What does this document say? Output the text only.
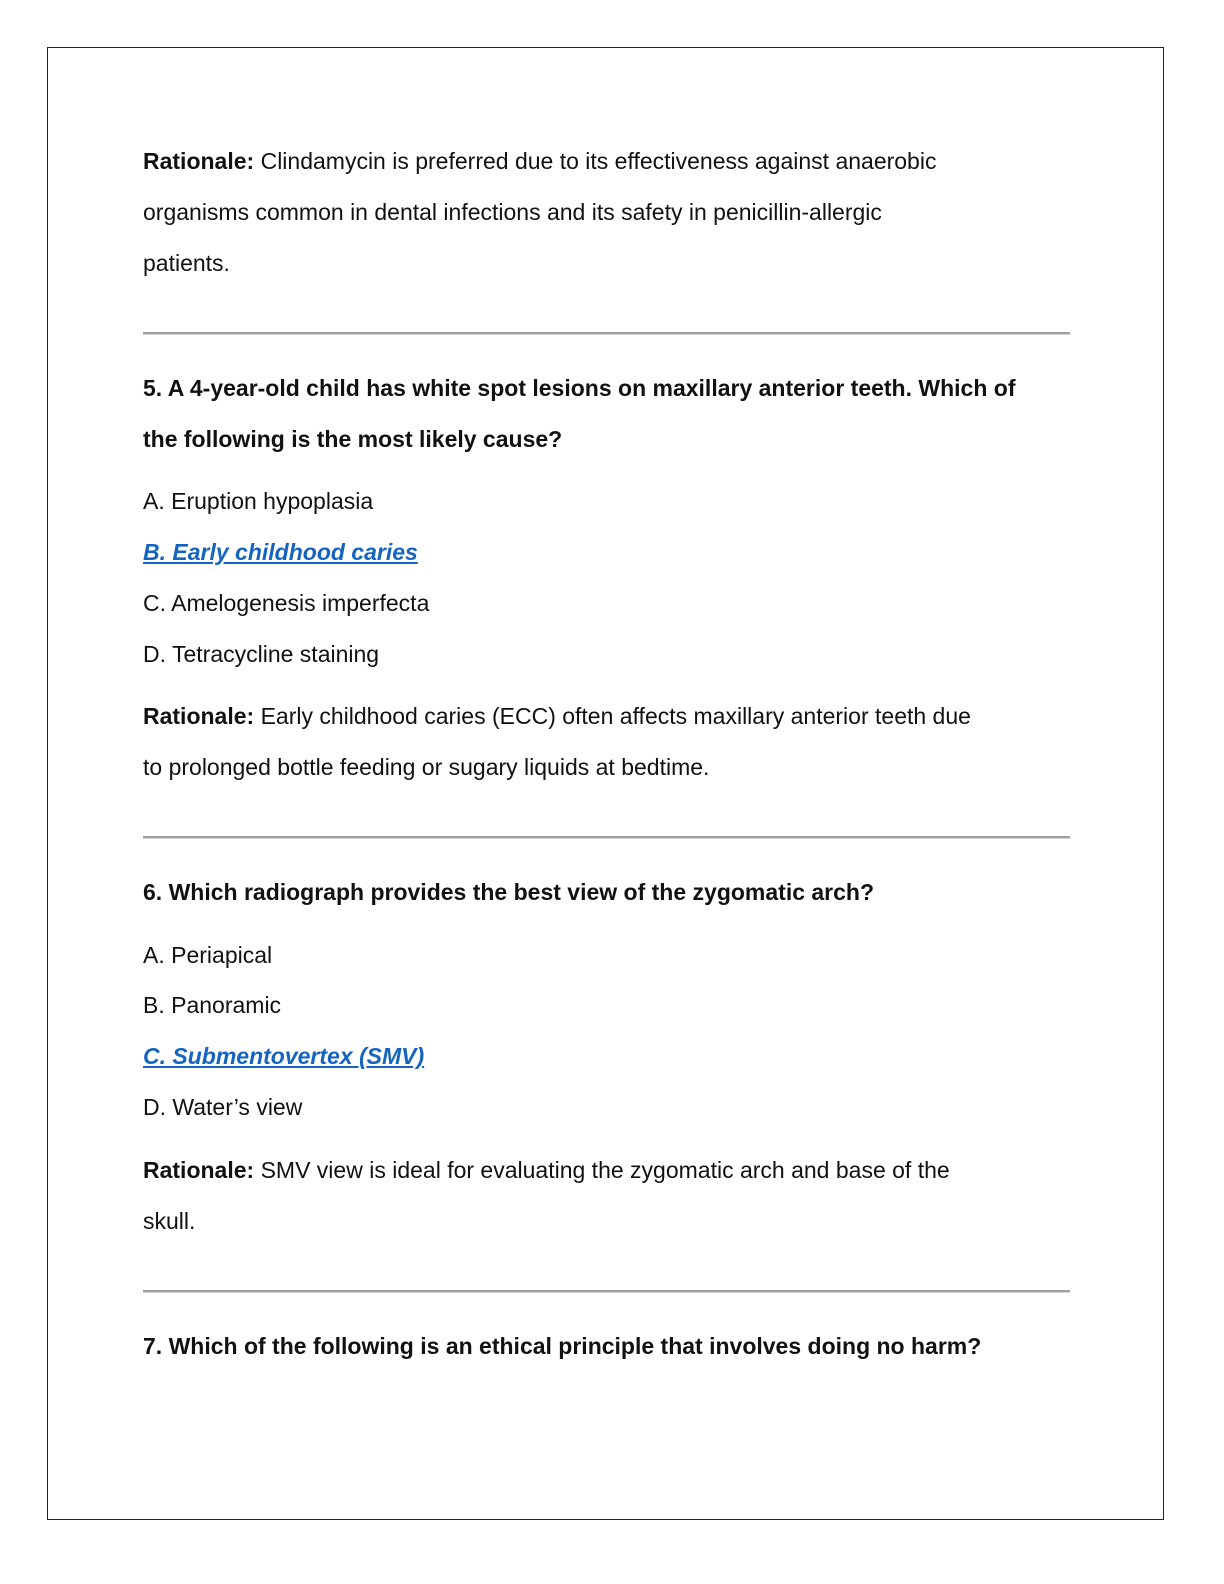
Rationale: Clindamycin is preferred due to its effectiveness against anaerobic
organisms common in dental infections and its safety in penicillin-allergic
patients.
5. A 4-year-old child has white spot lesions on maxillary anterior teeth. Which of
the following is the most likely cause?
A. Eruption hypoplasia
B. Early childhood caries
C. Amelogenesis imperfecta
D. Tetracycline staining
Rationale: Early childhood caries (ECC) often affects maxillary anterior teeth due
to prolonged bottle feeding or sugary liquids at bedtime.
6. Which radiograph provides the best view of the zygomatic arch?
A. Periapical
B. Panoramic
C. Submentovertex (SMV)
D. Water’s view
Rationale: SMV view is ideal for evaluating the zygomatic arch and base of the
skull.
7. Which of the following is an ethical principle that involves doing no harm?
